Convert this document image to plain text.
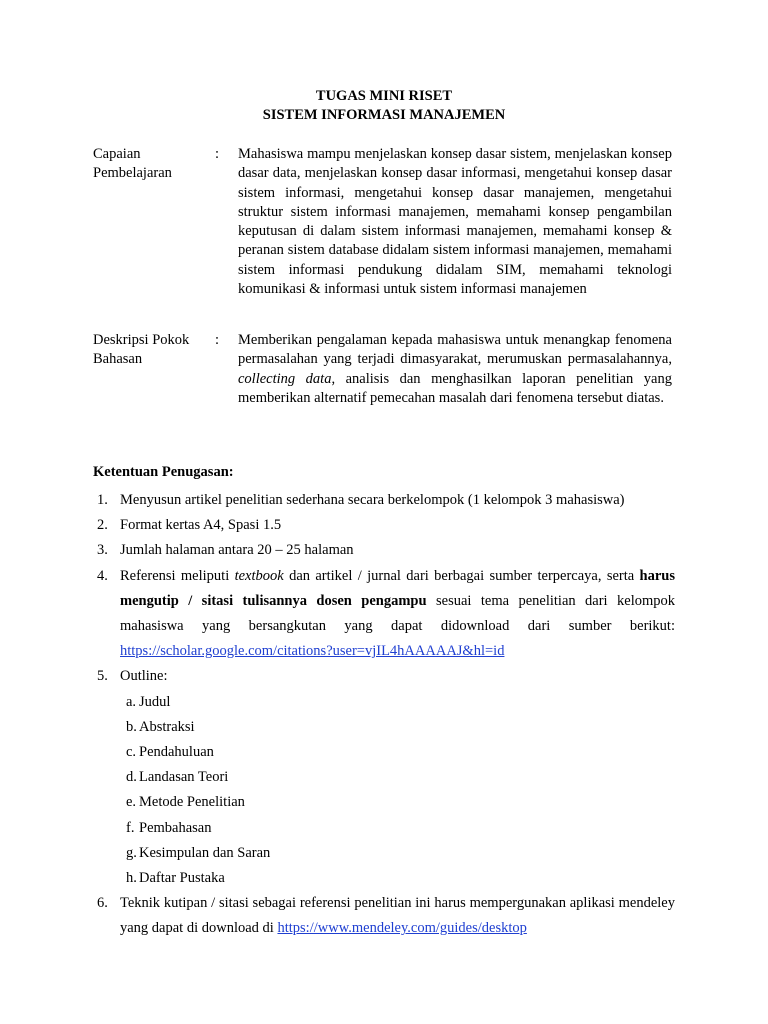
TUGAS MINI RISET
SISTEM INFORMASI MANAJEMEN
Capaian Pembelajaran
: Mahasiswa mampu menjelaskan konsep dasar sistem, menjelaskan konsep dasar data, menjelaskan konsep dasar informasi, mengetahui konsep dasar sistem informasi, mengetahui konsep dasar manajemen, mengetahui struktur sistem informasi manajemen, memahami konsep pengambilan keputusan di dalam sistem informasi manajemen, memahami konsep & peranan sistem database didalam sistem informasi manajemen, memahami sistem informasi pendukung didalam SIM, memahami teknologi komunikasi & informasi untuk sistem informasi manajemen
Deskripsi Pokok Bahasan
: Memberikan pengalaman kepada mahasiswa untuk menangkap fenomena permasalahan yang terjadi dimasyarakat, merumuskan permasalahannya, collecting data, analisis dan menghasilkan laporan penelitian yang memberikan alternatif pemecahan masalah dari fenomena tersebut diatas.
Ketentuan Penugasan:
1. Menyusun artikel penelitian sederhana secara berkelompok (1 kelompok 3 mahasiswa)
2. Format kertas A4, Spasi 1.5
3. Jumlah halaman antara 20 – 25 halaman
4. Referensi meliputi textbook dan artikel / jurnal dari berbagai sumber terpercaya, serta harus mengutip / sitasi tulisannya dosen pengampu sesuai tema penelitian dari kelompok mahasiswa yang bersangkutan yang dapat didownload dari sumber berikut: https://scholar.google.com/citations?user=vjIL4hAAAAAJ&hl=id
5. Outline:
a. Judul
b. Abstraksi
c. Pendahuluan
d. Landasan Teori
e. Metode Penelitian
f. Pembahasan
g. Kesimpulan dan Saran
h. Daftar Pustaka
6. Teknik kutipan / sitasi sebagai referensi penelitian ini harus mempergunakan aplikasi mendeley yang dapat di download di https://www.mendeley.com/guides/desktop
